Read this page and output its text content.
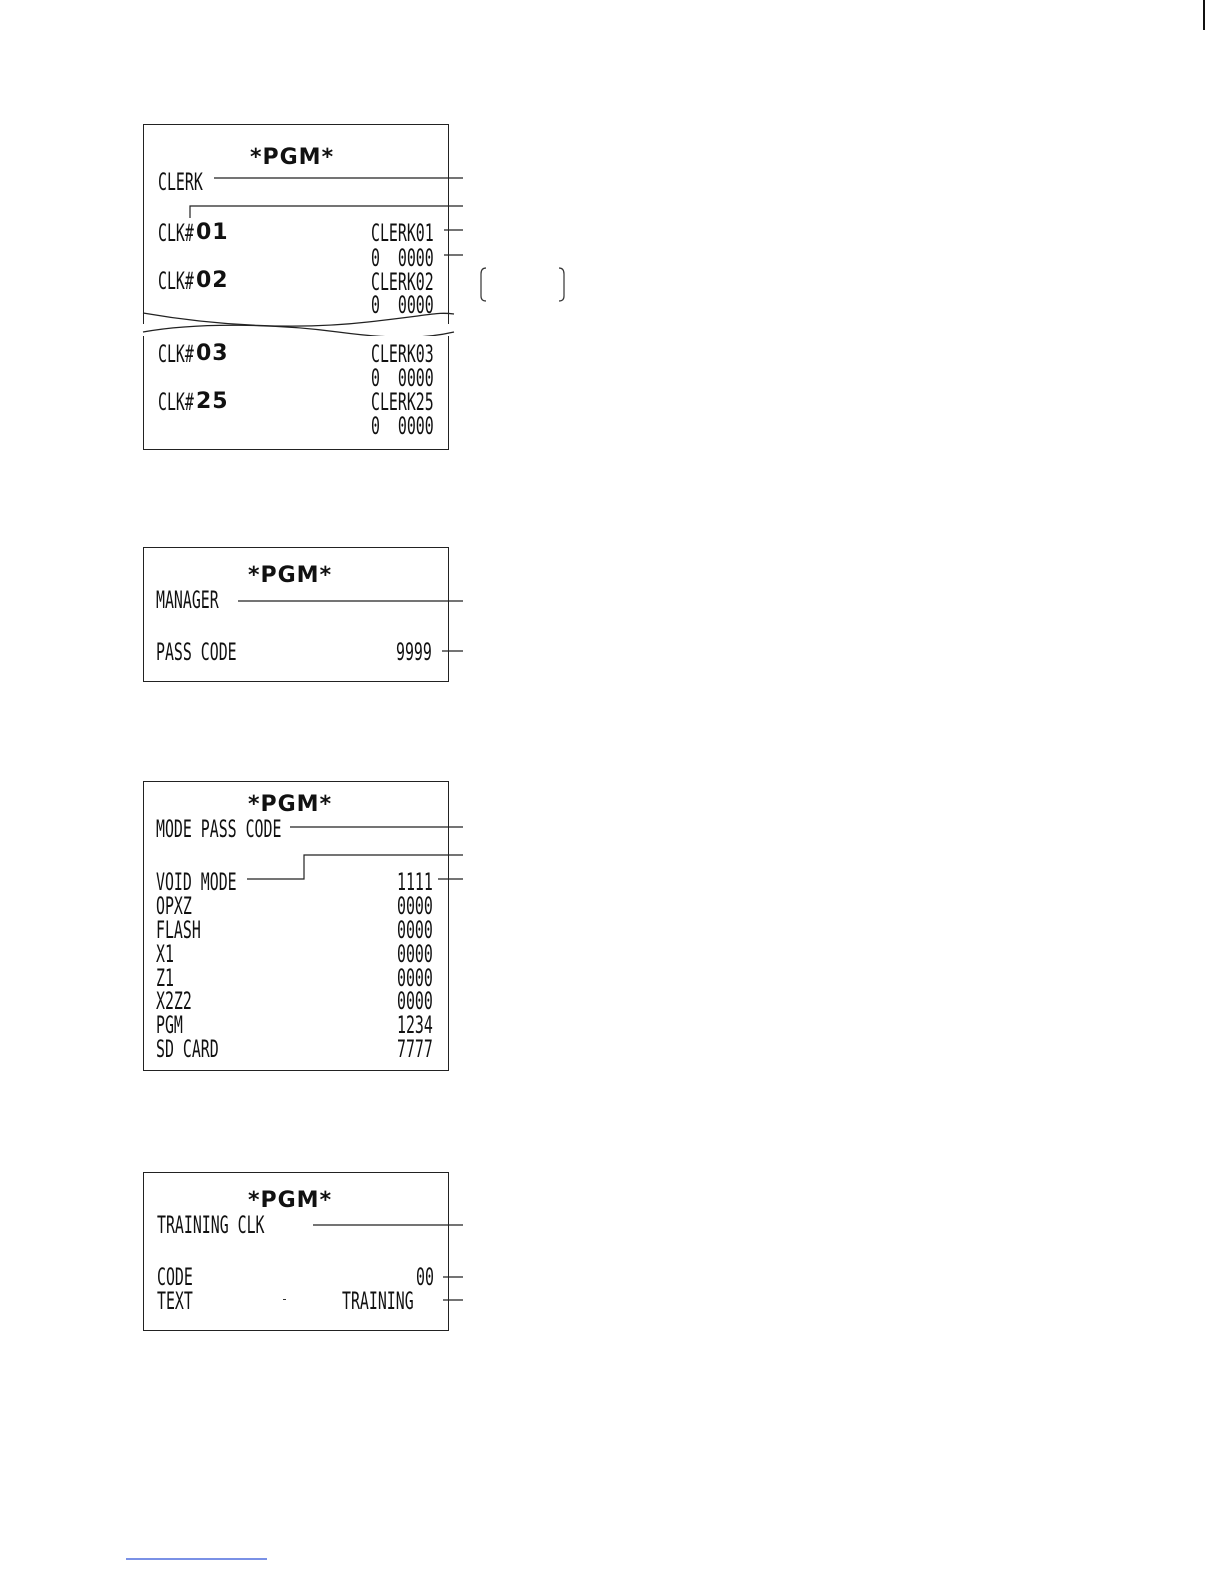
*PGM*
CLERK
CLK# 01	CLERK01
0  0000
CLK# 02	CLERK02
0  0000
CLK# 03	CLERK03
0  0000
CLK# 25	CLERK25
0  0000
*PGM*
MANAGER
PASS CODE	9999
*PGM*
MODE PASS CODE
VOID MODE	1111
OPXZ	0000
FLASH	0000
X1	0000
Z1	0000
X2Z2	0000
PGM	1234
SD CARD	7777
*PGM*
TRAINING CLK
CODE	00
TEXT	TRAINING
